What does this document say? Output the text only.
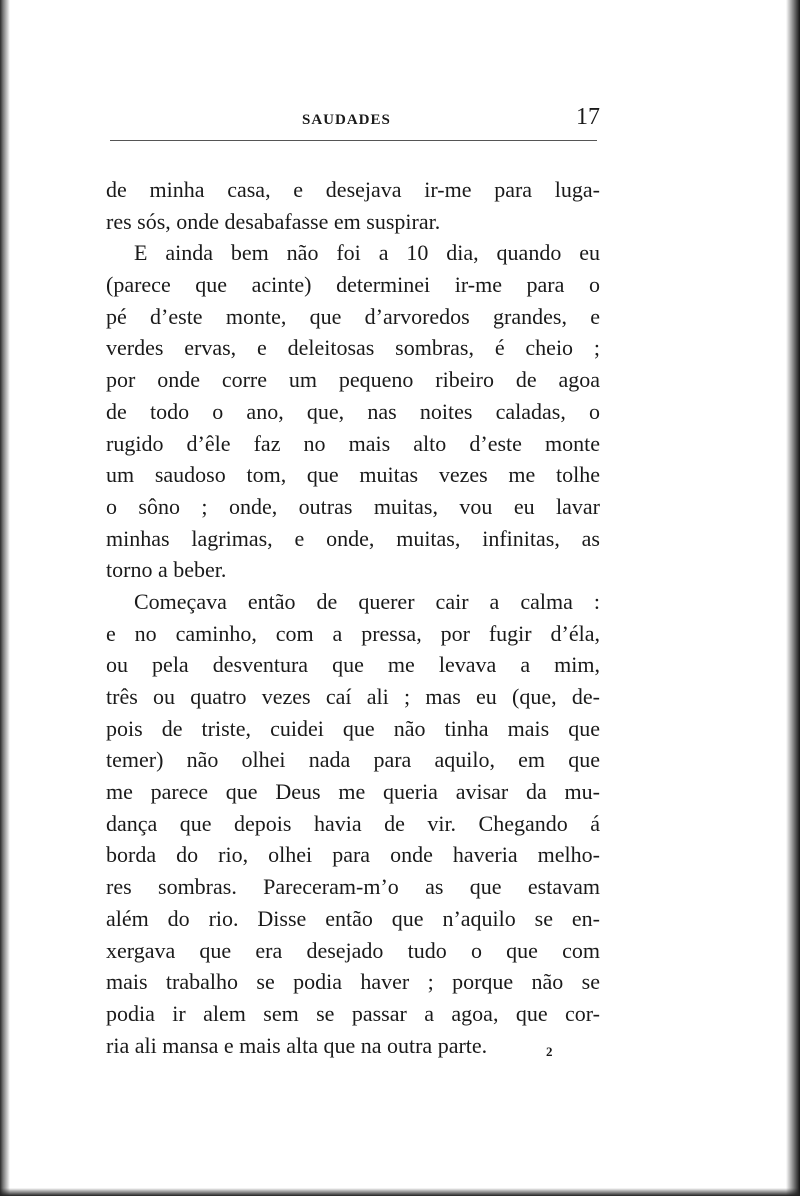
SAUDADES	17
de minha casa, e desejava ir-me para luga-
res sós, onde desabafasse em suspirar.
E ainda bem não foi a 10 dia, quando eu
(parece que acinte) determinei ir-me para o
pé d’este monte, que d’arvoredos grandes, e
verdes ervas, e deleitosas sombras, é cheio ;
por onde corre um pequeno ribeiro de agoa
de todo o ano, que, nas noites caladas, o
rugido d’êle faz no mais alto d’este monte
um saudoso tom, que muitas vezes me tolhe
o sôno ; onde, outras muitas, vou eu lavar
minhas lagrimas, e onde, muitas, infinitas, as
torno a beber.
Começava então de querer cair a calma :
e no caminho, com a pressa, por fugir d’éla,
ou pela desventura que me levava a mim,
três ou quatro vezes caí ali ; mas eu (que, de-
pois de triste, cuidei que não tinha mais que
temer) não olhei nada para aquilo, em que
me parece que Deus me queria avisar da mu-
dança que depois havia de vir. Chegando á
borda do rio, olhei para onde haveria melho-
res sombras. Pareceram-m’o as que estavam
além do rio. Disse então que n’aquilo se en-
xergava que era desejado tudo o que com
mais trabalho se podia haver ; porque não se
podia ir alem sem se passar a agoa, que cor-
ria ali mansa e mais alta que na outra parte.	2
